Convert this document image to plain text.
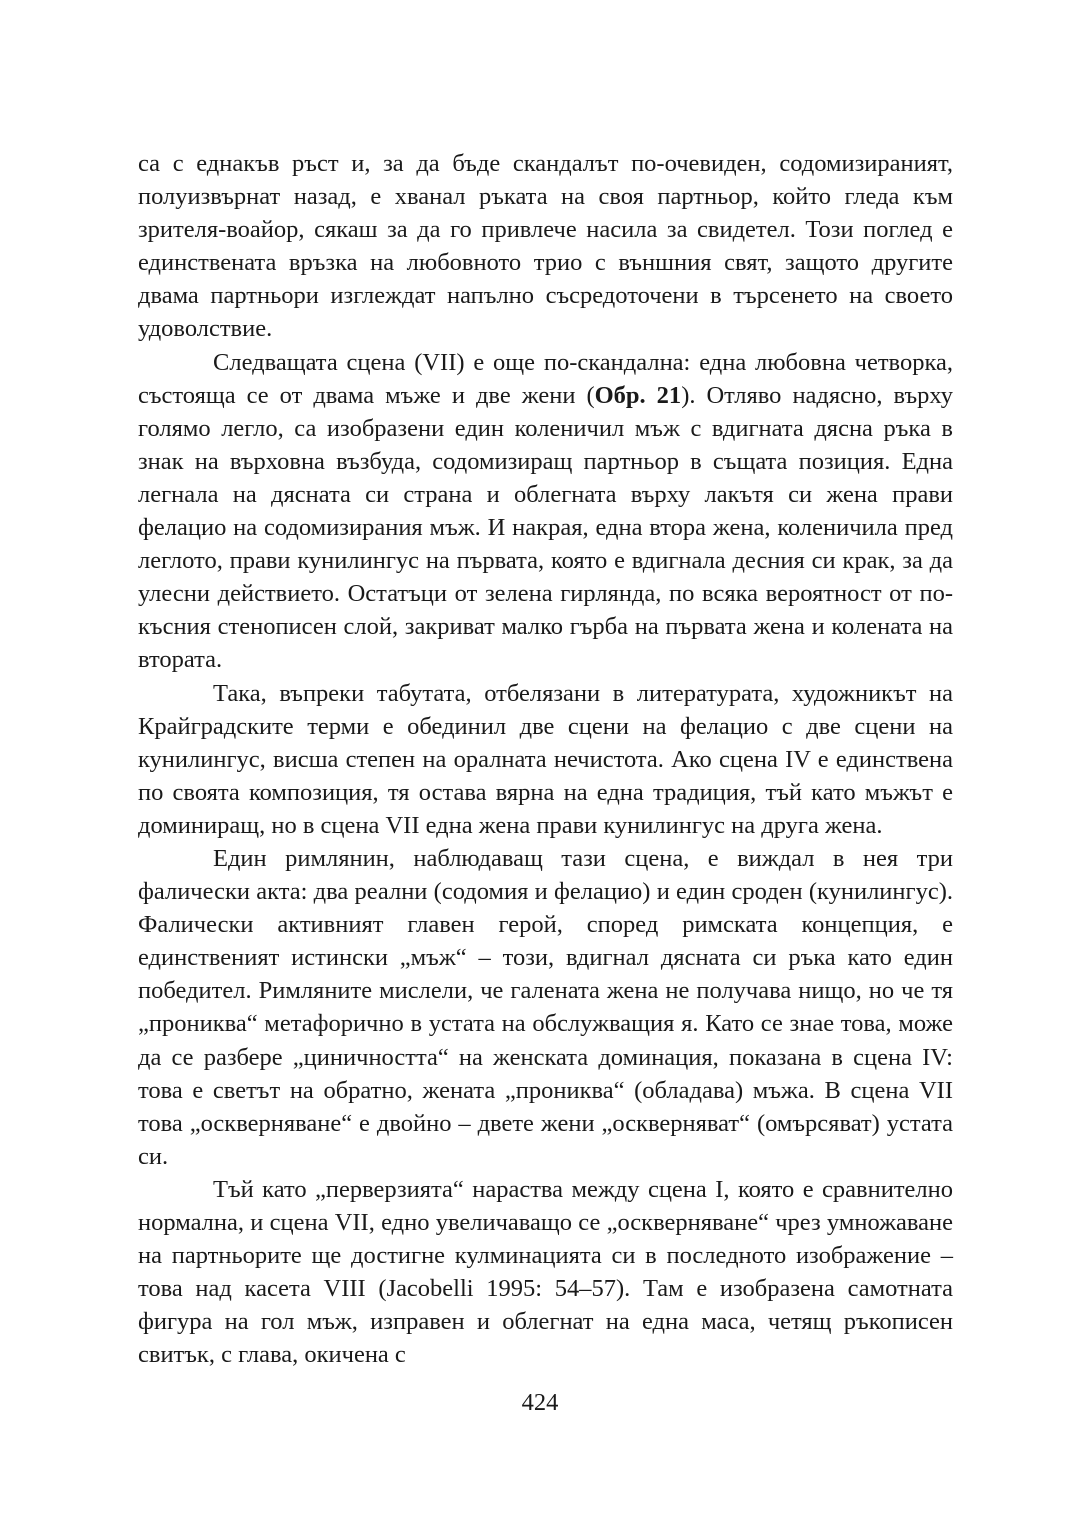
са с еднакъв ръст и, за да бъде скандалът по-очевиден, содомизираният, полуизвърнат назад, е хванал ръката на своя партньор, който гледа към зрителя-воайор, сякаш за да го привлече насила за свидетел. Този поглед е единствената връзка на любовното трио с външния свят, защото другите двама партньори изглеждат напълно съсредоточени в търсенето на своето удоволствие.

Следващата сцена (VII) е още по-скандална: една любовна четворка, състояща се от двама мъже и две жени (Обр. 21). Отляво надясно, върху голямо легло, са изобразени един коленичил мъж с вдигната дясна ръка в знак на върховна възбуда, содомизиращ партньор в същата позиция. Една легнала на дясната си страна и облегната върху лакътя си жена прави фелацио на содомизирания мъж. И накрая, една втора жена, коленичила пред леглото, прави кунилингус на първата, която е вдигнала десния си крак, за да улесни действието. Остатъци от зелена гирлянда, по всяка вероятност от по-късния стенописен слой, закриват малко гърба на първата жена и колената на втората.

Така, въпреки табутата, отбелязани в литературата, художникът на Крайградските терми е обединил две сцени на фелацио с две сцени на кунилингус, висша степен на оралната нечистота. Ако сцена IV е единствена по своята композиция, тя остава вярна на една традиция, тъй като мъжът е доминиращ, но в сцена VII една жена прави кунилингус на друга жена.

Един римлянин, наблюдаващ тази сцена, е виждал в нея три фалически акта: два реални (содомия и фелацио) и един сроден (кунилингус). Фалически активният главен герой, според римската концепция, е единственият истински „мъж“ – този, вдигнал дясната си ръка като един победител. Римляните мислели, че галената жена не получава нищо, но че тя „прониква“ метафорично в устата на обслужващия я. Като се знае това, може да се разбере „циничността“ на женската доминация, показана в сцена IV: това е светът на обратно, жената „прониква“ (обладава) мъжа. В сцена VII това „оскверняване“ е двойно – двете жени „оскверняват“ (омърсяват) устата си.

Тъй като „перверзията“ нараства между сцена I, която е сравнително нормална, и сцена VII, едно увеличаващо се „оскверняване“ чрез умножаване на партньорите ще достигне кулминацията си в последното изображение – това над касета VIII (Jacobelli 1995: 54–57). Там е изобразена самотната фигура на гол мъж, изправен и облегнат на една маса, четящ ръкописен свитък, с глава, окичена с

424
